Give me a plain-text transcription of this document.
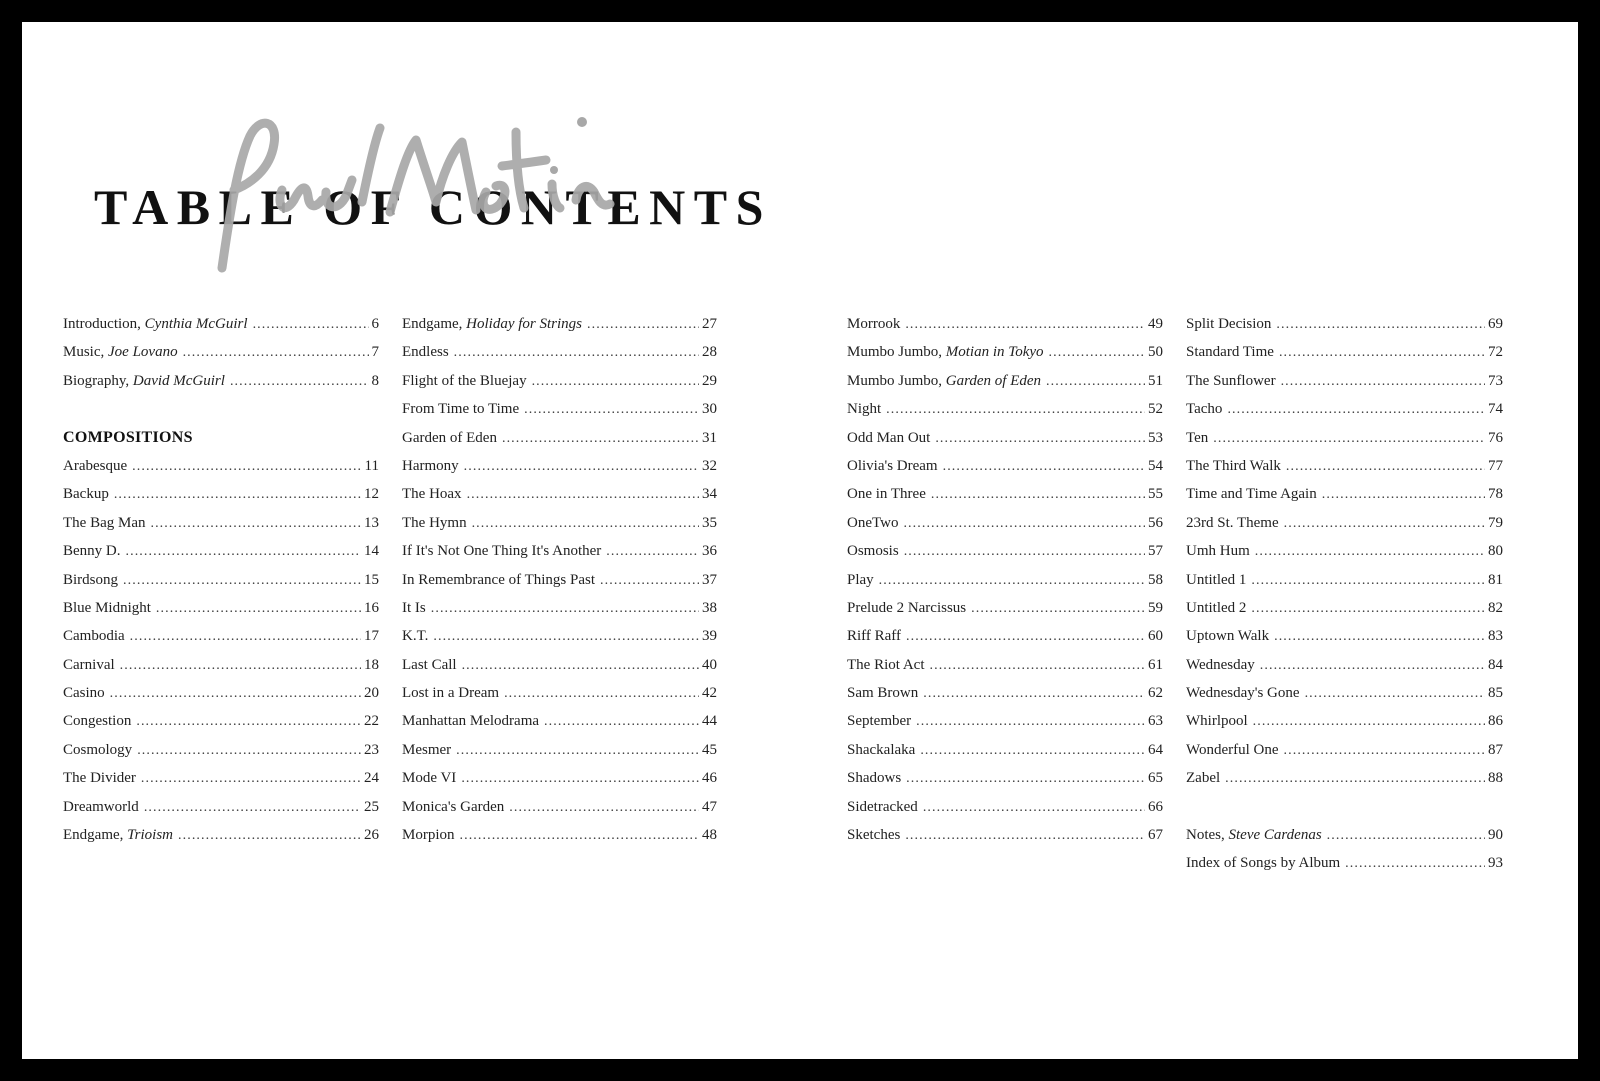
TABLE OF CONTENTS
Introduction, Cynthia McGuirl . . .	6
Music, Joe Lovano . . .	7
Biography, David McGuirl . . .	8
COMPOSITIONS
Arabesque . . .	11
Backup . . .	12
The Bag Man . . .	13
Benny D. . . .	14
Birdsong . . .	15
Blue Midnight . . .	16
Cambodia . . .	17
Carnival . . .	18
Casino . . .	20
Congestion . . .	22
Cosmology . . .	23
The Divider . . .	24
Dreamworld . . .	25
Endgame, Trioism . . .	26
Endgame, Holiday for Strings . . .	27
Endless . . .	28
Flight of the Bluejay . . .	29
From Time to Time . . .	30
Garden of Eden . . .	31
Harmony . . .	32
The Hoax . . .	34
The Hymn . . .	35
If It's Not One Thing It's Another . . .	36
In Remembrance of Things Past . . .	37
It Is . . .	38
K.T. . . .	39
Last Call . . .	40
Lost in a Dream . . .	42
Manhattan Melodrama . . .	44
Mesmer . . .	45
Mode VI . . .	46
Monica's Garden . . .	47
Morpion . . .	48
Morrook . . .	49
Mumbo Jumbo, Motian in Tokyo . . .	50
Mumbo Jumbo, Garden of Eden . . .	51
Night . . .	52
Odd Man Out . . .	53
Olivia's Dream . . .	54
One in Three . . .	55
OneTwo . . .	56
Osmosis . . .	57
Play . . .	58
Prelude 2 Narcissus . . .	59
Riff Raff . . .	60
The Riot Act . . .	61
Sam Brown . . .	62
September . . .	63
Shackalaka . . .	64
Shadows . . .	65
Sidetracked . . .	66
Sketches . . .	67
Split Decision . . .	69
Standard Time . . .	72
The Sunflower . . .	73
Tacho . . .	74
Ten . . .	76
The Third Walk . . .	77
Time and Time Again . . .	78
23rd St. Theme . . .	79
Umh Hum . . .	80
Untitled 1 . . .	81
Untitled 2 . . .	82
Uptown Walk . . .	83
Wednesday . . .	84
Wednesday's Gone . . .	85
Whirlpool . . .	86
Wonderful One . . .	87
Zabel . . .	88
Notes, Steve Cardenas . . .	90
Index of Songs by Album . . .	93
